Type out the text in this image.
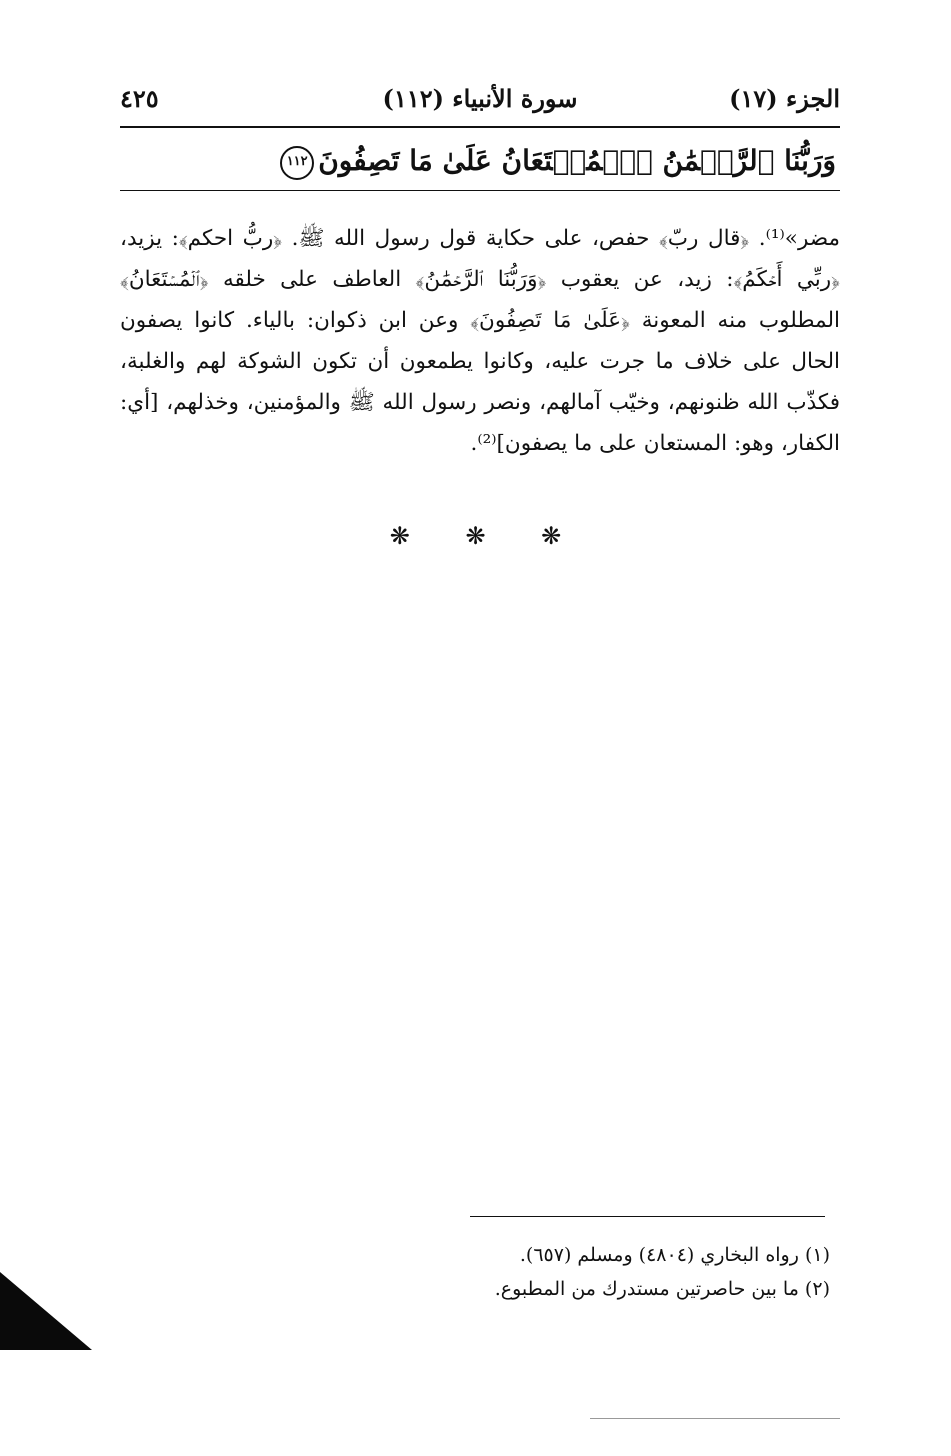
الجزء (١٧)
سورة الأنبياء (١١٢)
٤٢٥
وَرَبُّنَا ٱلرَّحۡمَٰنُ ٱلۡمُسۡتَعَانُ عَلَىٰ مَا تَصِفُونَ١١٢

مضر»⁽¹⁾. ﴿قال ربّ﴾ حفص، على حكاية قول رسول الله ﷺ. ﴿ربُّ احكم﴾: يزيد، ﴿ربِّي أَحۡكَمُ﴾: زيد، عن يعقوب ﴿وَرَبُّنَا ٱلرَّحۡمَٰنُ﴾ العاطف على خلقه ﴿ٱلۡمُسۡتَعَانُ﴾ المطلوب منه المعونة ﴿عَلَىٰ مَا تَصِفُونَ﴾ وعن ابن ذكوان: بالياء. كانوا يصفون الحال على خلاف ما جرت عليه، وكانوا يطمعون أن تكون الشوكة لهم والغلبة، فكذّب الله ظنونهم، وخيّب آمالهم، ونصر رسول الله ﷺ والمؤمنين، وخذلهم، [أي: الكفار، وهو: المستعان على ما يصفون]⁽²⁾.

❋ ❋ ❋
(١) رواه البخاري (٤٨٠٤) ومسلم (٦٥٧).
(٢) ما بين حاصرتين مستدرك من المطبوع.
